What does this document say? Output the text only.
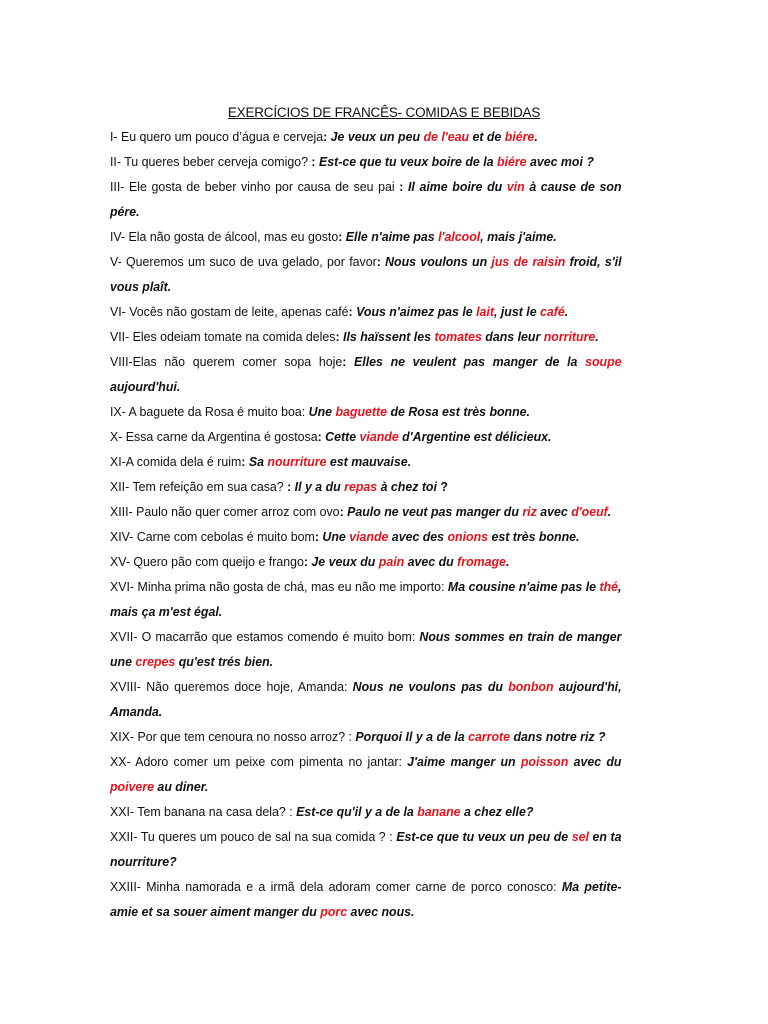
EXERCÍCIOS DE FRANCÊS- COMIDAS E BEBIDAS

I- Eu quero um pouco d’água e cerveja: Je veux un peu de l'eau et de biére.

II- Tu queres beber cerveja comigo? : Est-ce que tu veux boire de la biére avec moi ?

III- Ele gosta de beber vinho por causa de seu pai : Il aime boire du vin à cause de son pére.

IV- Ela não gosta de álcool, mas eu gosto: Elle n'aime pas l'alcool, mais j'aime.

V- Queremos um suco de uva gelado, por favor: Nous voulons un jus de raisin froid, s'il vous plaît.

VI- Vocês não gostam de leite, apenas café: Vous n'aimez pas le lait, just le café.

VII- Eles odeiam tomate na comida deles: Ils haïssent les tomates dans leur norriture.

VIII-Elas não querem comer sopa hoje: Elles ne veulent pas manger de la soupe aujourd'hui.

IX- A baguete da Rosa é muito boa: Une baguette de Rosa est très bonne.

X- Essa carne da Argentina é gostosa: Cette viande d'Argentine est délicieux.

XI-A comida dela é ruim: Sa nourriture est mauvaise.

XII- Tem refeição em sua casa? : Il y a du repas à chez toi ?

XIII- Paulo não quer comer arroz com ovo: Paulo ne veut pas manger du riz avec d'oeuf.

XIV- Carne com cebolas é muito bom: Une viande avec des onions est très bonne.

XV- Quero pão com queijo e frango: Je veux du pain avec du fromage.

XVI- Minha prima não gosta de chá, mas eu não me importo: Ma cousine n'aime pas le thé, mais ça m'est égal.

XVII- O macarrão que estamos comendo é muito bom: Nous sommes en train de manger une crepes qu'est trés bien.

XVIII- Não queremos doce hoje, Amanda: Nous ne voulons pas du bonbon aujourd'hi, Amanda.

XIX- Por que tem cenoura no nosso arroz? : Porquoi Il y a de la carrote dans notre riz ?

XX- Adoro comer um peixe com pimenta no jantar: J'aime manger un poisson avec du poivere au diner.

XXI- Tem banana na casa dela? : Est-ce qu'il y a de la banane a chez elle?

XXII- Tu queres um pouco de sal na sua comida ? : Est-ce que tu veux un peu de sel en ta nourriture?

XXIII- Minha namorada e a irmã dela adoram comer carne de porco conosco: Ma petite-amie et sa souer aiment manger du porc avec nous.
